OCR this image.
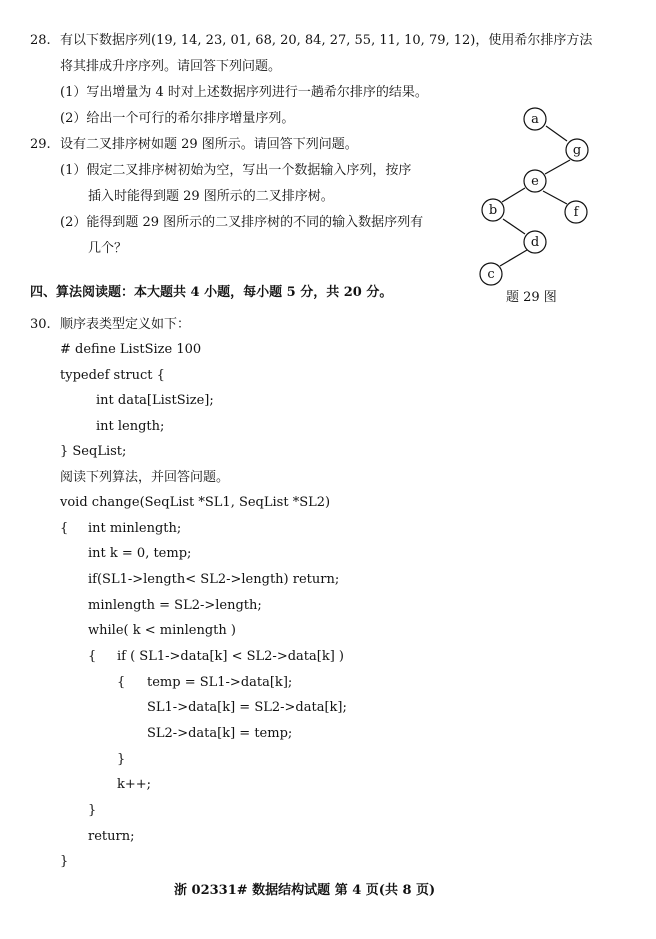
28. 有以下数据序列(19, 14, 23, 01, 68, 20, 84, 27, 55, 11, 10, 79, 12)，使用希尔排序方法
将其排成升序序列。请回答下列问题。
(1）写出增量为 4 时对上述数据序列进行一趟希尔排序的结果。
(2）给出一个可行的希尔排序增量序列。
29. 设有二叉排序树如题 29 图所示。请回答下列问题。
(1）假定二叉排序树初始为空，写出一个数据输入序列，按序
插入时能得到题 29 图所示的二叉排序树。
(2）能得到题 29 图所示的二叉排序树的不同的输入数据序列有
几个？
四、算法阅读题：本大题共 4 小题，每小题 5 分，共 20 分。
a
g
e
b	f
d
c
题 29 图
30. 顺序表类型定义如下：
# define ListSize 100
typedef struct {
int data[ListSize];
int length;
} SeqList;
阅读下列算法，并回答问题。
void change(SeqList *SL1, SeqList *SL2)
{ int minlength;
int k = 0, temp;
if(SL1->length< SL2->length) return;
minlength = SL2->length;
while( k < minlength )
{ if ( SL1->data[k] < SL2->data[k] )
{ temp = SL1->data[k];
SL1->data[k] = SL2->data[k];
SL2->data[k] = temp;
}
k++;
}
return;
}
浙 02331# 数据结构试题 第 4 页(共 8 页)
